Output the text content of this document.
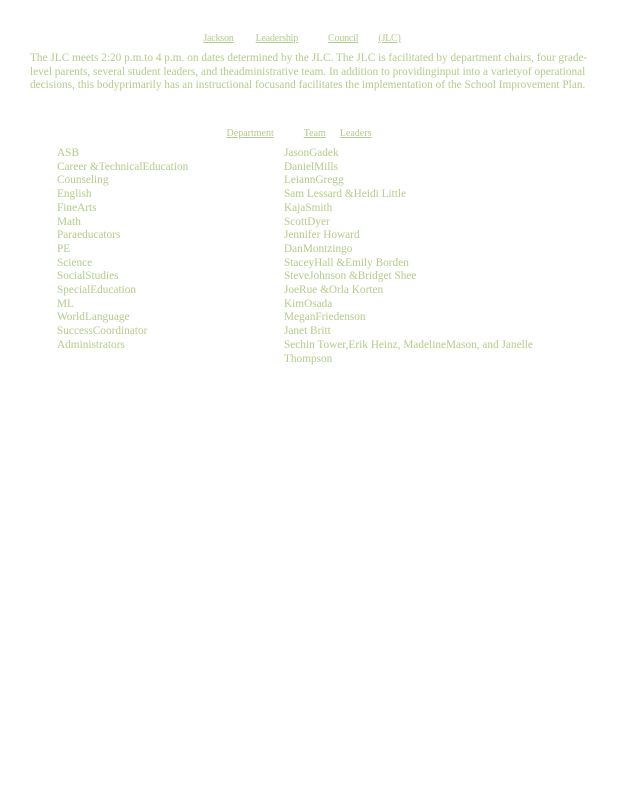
Jackson Leadership	Council (JLC)

The JLC meets 2:20 p.m.to 4 p.m. on dates determined by the JLC. The JLC is facilitated by department chairs, four grade-level parents, several student leaders, and theadministrative team. In addition to providinginput into a varietyof operational decisions, this bodyprimarily has an instructional focusand facilitates the implementation of the School Improvement Plan.

Department	Team Leaders
ASB	JasonGadek
Career &TechnicalEducation	DanielMills
Counseling	LeiannGregg
English	Sam Lessard &Heidi Little
FineArts	KajaSmith
Math	ScottDyer
Paraeducators	Jennifer Howard
PE	DanMontzingo
Science	StaceyHall &Emily Borden
SocialStudies	SteveJohnson &Bridget Shee
SpecialEducation	JoeRue &Orla Korten
ML	KimOsada
WorldLanguage	MeganFriedenson
SuccessCoordinator	Janet Britt
Administrators	Sechin Tower,Erik Heinz, MadelineMason, and Janelle Thompson
